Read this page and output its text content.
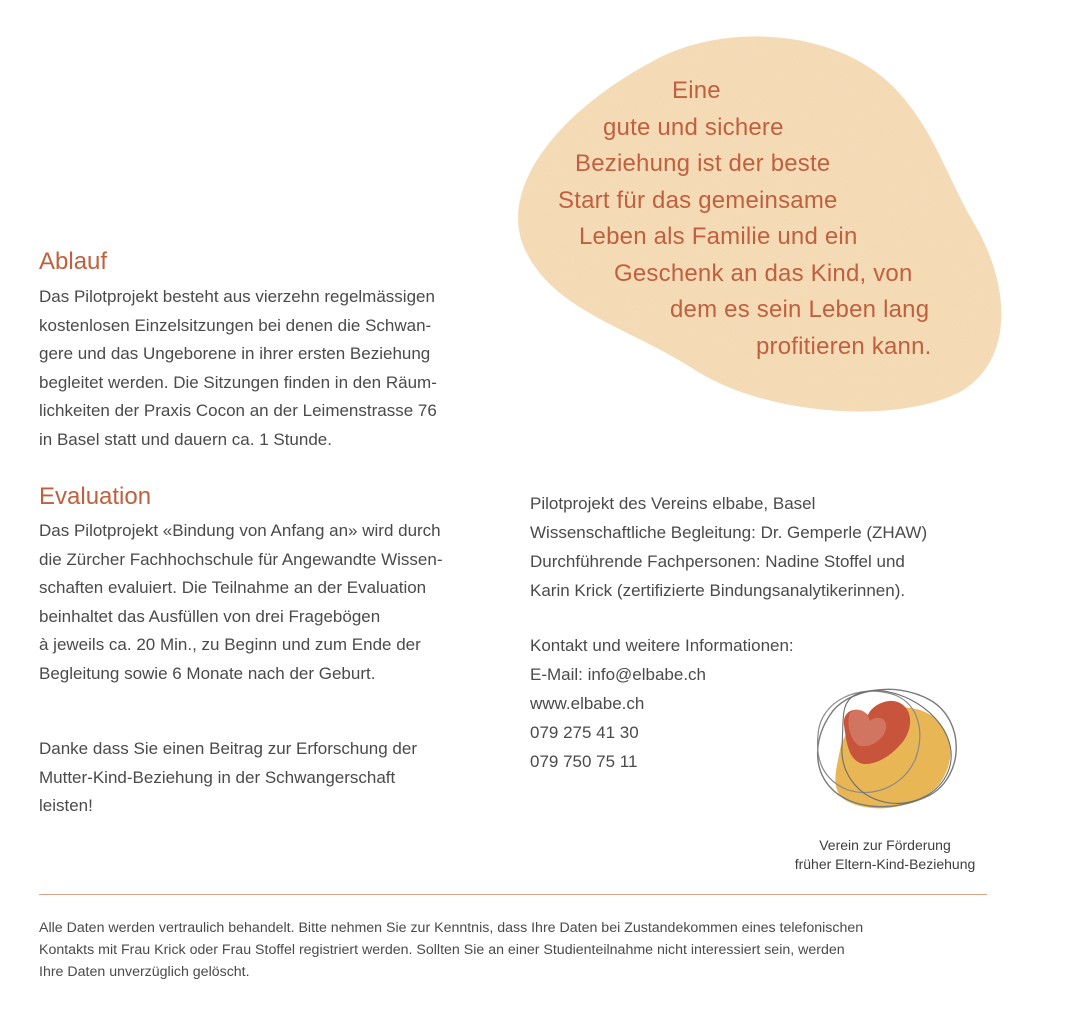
Eine
gute und sichere
Beziehung ist der beste
Start für das gemeinsame
Leben als Familie und ein
Geschenk an das Kind, von
dem es sein Leben lang
profitieren kann.
Ablauf
Das Pilotprojekt besteht aus vierzehn regelmässigen
kostenlosen Einzelsitzungen bei denen die Schwan-
gere und das Ungeborene in ihrer ersten Beziehung
begleitet werden. Die Sitzungen finden in den Räum-
lichkeiten der Praxis Cocon an der Leimenstrasse 76
in Basel statt und dauern ca. 1 Stunde.
Evaluation
Das Pilotprojekt «Bindung von Anfang an» wird durch
die Zürcher Fachhochschule für Angewandte Wissen-
schaften evaluiert. Die Teilnahme an der Evaluation
beinhaltet das Ausfüllen von drei Fragebögen
à jeweils ca. 20 Min., zu Beginn und zum Ende der
Begleitung sowie 6 Monate nach der Geburt.
Danke dass Sie einen Beitrag zur Erforschung der
Mutter-Kind-Beziehung in der Schwangerschaft
leisten!
Pilotprojekt des Vereins elbabe, Basel
Wissenschaftliche Begleitung: Dr. Gemperle (ZHAW)
Durchführende Fachpersonen: Nadine Stoffel und
Karin Krick (zertifizierte Bindungsanalytikerinnen).
Kontakt und weitere Informationen:
E-Mail: info@elbabe.ch
www.elbabe.ch
079 275 41 30
079 750 75 11
Verein zur Förderung
früher Eltern-Kind-Beziehung
Alle Daten werden vertraulich behandelt. Bitte nehmen Sie zur Kenntnis, dass Ihre Daten bei Zustandekommen eines telefonischen
Kontakts mit Frau Krick oder Frau Stoffel registriert werden. Sollten Sie an einer Studienteilnahme nicht interessiert sein, werden
Ihre Daten unverzüglich gelöscht.
